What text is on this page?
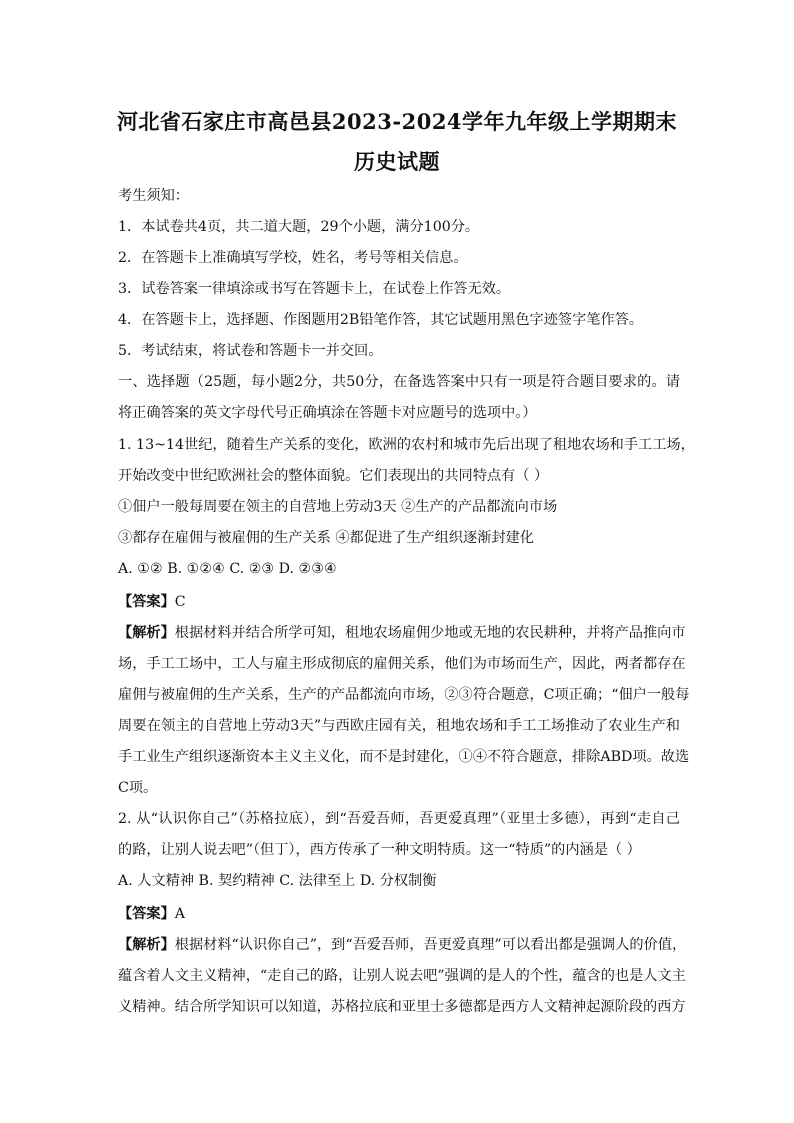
河北省石家庄市高邑县2023-2024学年九年级上学期期末
历史试题
考生须知：
1．本试卷共4页，共二道大题，29个小题，满分100分。
2．在答题卡上准确填写学校，姓名，考号等相关信息。
3．试卷答案一律填涂或书写在答题卡上，在试卷上作答无效。
4．在答题卡上，选择题、作图题用2B铅笔作答，其它试题用黑色字迹签字笔作答。
5．考试结束，将试卷和答题卡一并交回。
一、选择题（25题，每小题2分，共50分，在备选答案中只有一项是符合题目要求的。请
将正确答案的英文字母代号正确填涂在答题卡对应题号的选项中。）
1. 13~14世纪，随着生产关系的变化，欧洲的农村和城市先后出现了租地农场和手工工场，
开始改变中世纪欧洲社会的整体面貌。它们表现出的共同特点有（ ）
①佃户一般每周要在领主的自营地上劳动3天 ②生产的产品都流向市场
③都存在雇佣与被雇佣的生产关系 ④都促进了生产组织逐渐封建化
A. ①② B. ①②④ C. ②③ D. ②③④
【答案】C
【解析】根据材料并结合所学可知，租地农场雇佣少地或无地的农民耕种，并将产品推向市
场，手工工场中，工人与雇主形成彻底的雇佣关系，他们为市场而生产，因此，两者都存在
雇佣与被雇佣的生产关系，生产的产品都流向市场，②③符合题意，C项正确；“佃户一般每
周要在领主的自营地上劳动3天”与西欧庄园有关，租地农场和手工工场推动了农业生产和
手工业生产组织逐渐资本主义主义化，而不是封建化，①④不符合题意，排除ABD项。故选
C项。
2. 从“认识你自己”（苏格拉底），到“吾爱吾师，吾更爱真理”（亚里士多德），再到“走自己
的路，让别人说去吧”（但丁），西方传承了一种文明特质。这一“特质”的内涵是（ ）
A. 人文精神 B. 契约精神 C. 法律至上 D. 分权制衡
【答案】A
【解析】根据材料“认识你自己”，到“吾爱吾师，吾更爱真理”可以看出都是强调人的价值，
蕴含着人文主义精神，“走自己的路，让别人说去吧”强调的是人的个性，蕴含的也是人文主
义精神。结合所学知识可以知道，苏格拉底和亚里士多德都是西方人文精神起源阶段的西方
